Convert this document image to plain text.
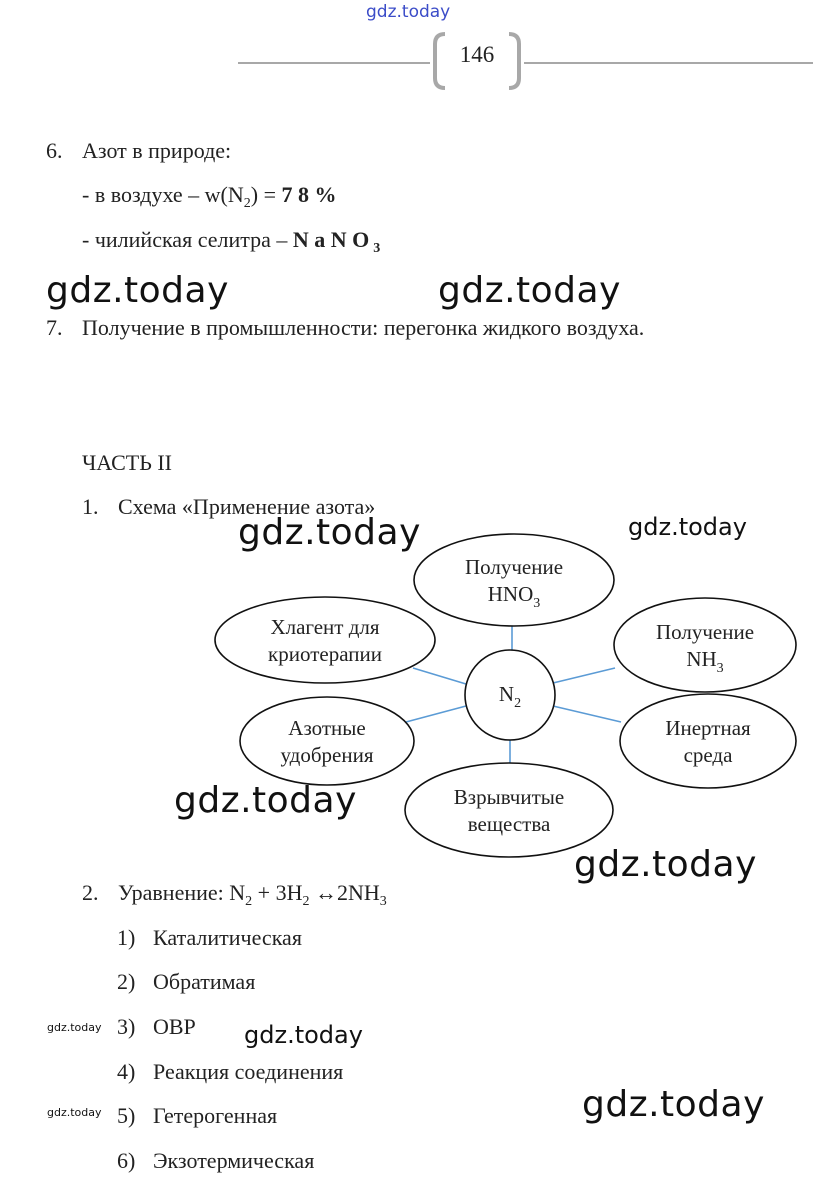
gdz.today
146
6. Азот в природе:
- в воздухе – $w(N_2) = 7$ 8 %
- чилийская селитра – N a N O $_3$
gdz.today	gdz.today
7. Получение в промышленности: перегонка жидкого воздуха.
ЧАСТЬ II
1. Схема «Применение азота»
$N_2$
Получение
$HNO_3$
Получение
$NH_3$
Инертная
среда
Взрывчитые
вещества
Азотные
удобрения
Хлагент для
криотерапии
gdz.today	gdz.today
gdz.today
gdz.today
2. Уравнение: $N_2 + 3H_2$ $\leftrightarrow 2NH_3$
1) Каталитическая
2) Обратимая
3) ОВР
4) Реакция соединения
5) Гетерогенная
6) Экзотермическая
gdz.today	gdz.today
gdz.today	gdz.today
